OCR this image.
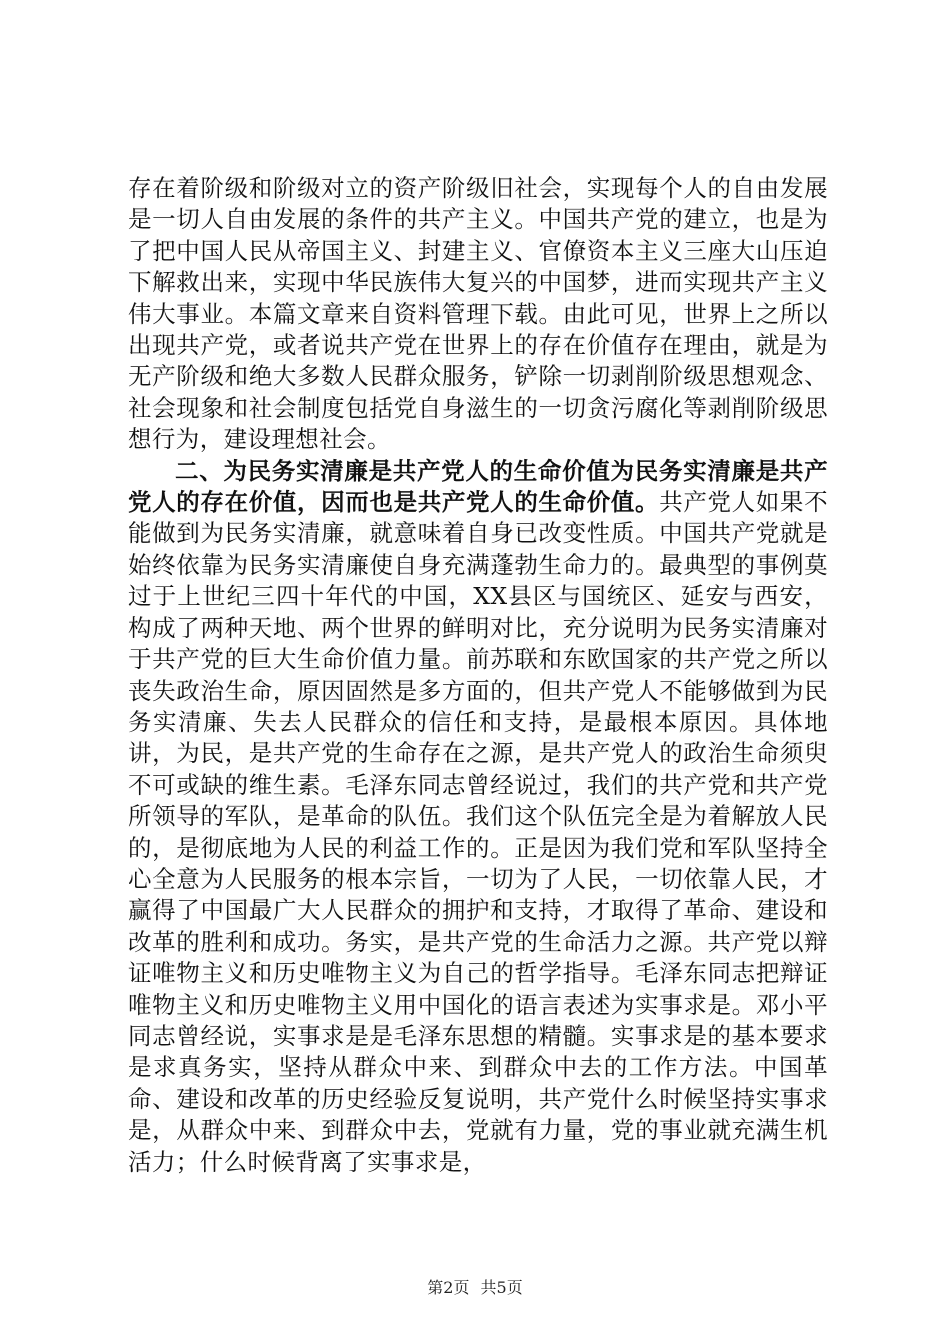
存在着阶级和阶级对立的资产阶级旧社会，实现每个人的自由发展是一切人自由发展的条件的共产主义。中国共产党的建立，也是为了把中国人民从帝国主义、封建主义、官僚资本主义三座大山压迫下解救出来，实现中华民族伟大复兴的中国梦，进而实现共产主义伟大事业。本篇文章来自资料管理下载。由此可见，世界上之所以出现共产党，或者说共产党在世界上的存在价值存在理由，就是为无产阶级和绝大多数人民群众服务，铲除一切剥削阶级思想观念、社会现象和社会制度包括党自身滋生的一切贪污腐化等剥削阶级思想行为，建设理想社会。

二、为民务实清廉是共产党人的生命价值为民务实清廉是共产党人的存在价值，因而也是共产党人的生命价值。共产党人如果不能做到为民务实清廉，就意味着自身已改变性质。中国共产党就是始终依靠为民务实清廉使自身充满蓬勃生命力的。最典型的事例莫过于上世纪三四十年代的中国，XX县区与国统区、延安与西安，构成了两种天地、两个世界的鲜明对比，充分说明为民务实清廉对于共产党的巨大生命价值力量。前苏联和东欧国家的共产党之所以丧失政治生命，原因固然是多方面的，但共产党人不能够做到为民务实清廉、失去人民群众的信任和支持，是最根本原因。具体地讲，为民，是共产党的生命存在之源，是共产党人的政治生命须臾不可或缺的维生素。毛泽东同志曾经说过，我们的共产党和共产党所领导的军队，是革命的队伍。我们这个队伍完全是为着解放人民的，是彻底地为人民的利益工作的。正是因为我们党和军队坚持全心全意为人民服务的根本宗旨，一切为了人民，一切依靠人民，才赢得了中国最广大人民群众的拥护和支持，才取得了革命、建设和改革的胜利和成功。务实，是共产党的生命活力之源。共产党以辩证唯物主义和历史唯物主义为自己的哲学指导。毛泽东同志把辩证唯物主义和历史唯物主义用中国化的语言表述为实事求是。邓小平同志曾经说，实事求是是毛泽东思想的精髓。实事求是的基本要求是求真务实，坚持从群众中来、到群众中去的工作方法。中国革命、建设和改革的历史经验反复说明，共产党什么时候坚持实事求是，从群众中来、到群众中去，党就有力量，党的事业就充满生机活力；什么时候背离了实事求是，

第2页 共5页
